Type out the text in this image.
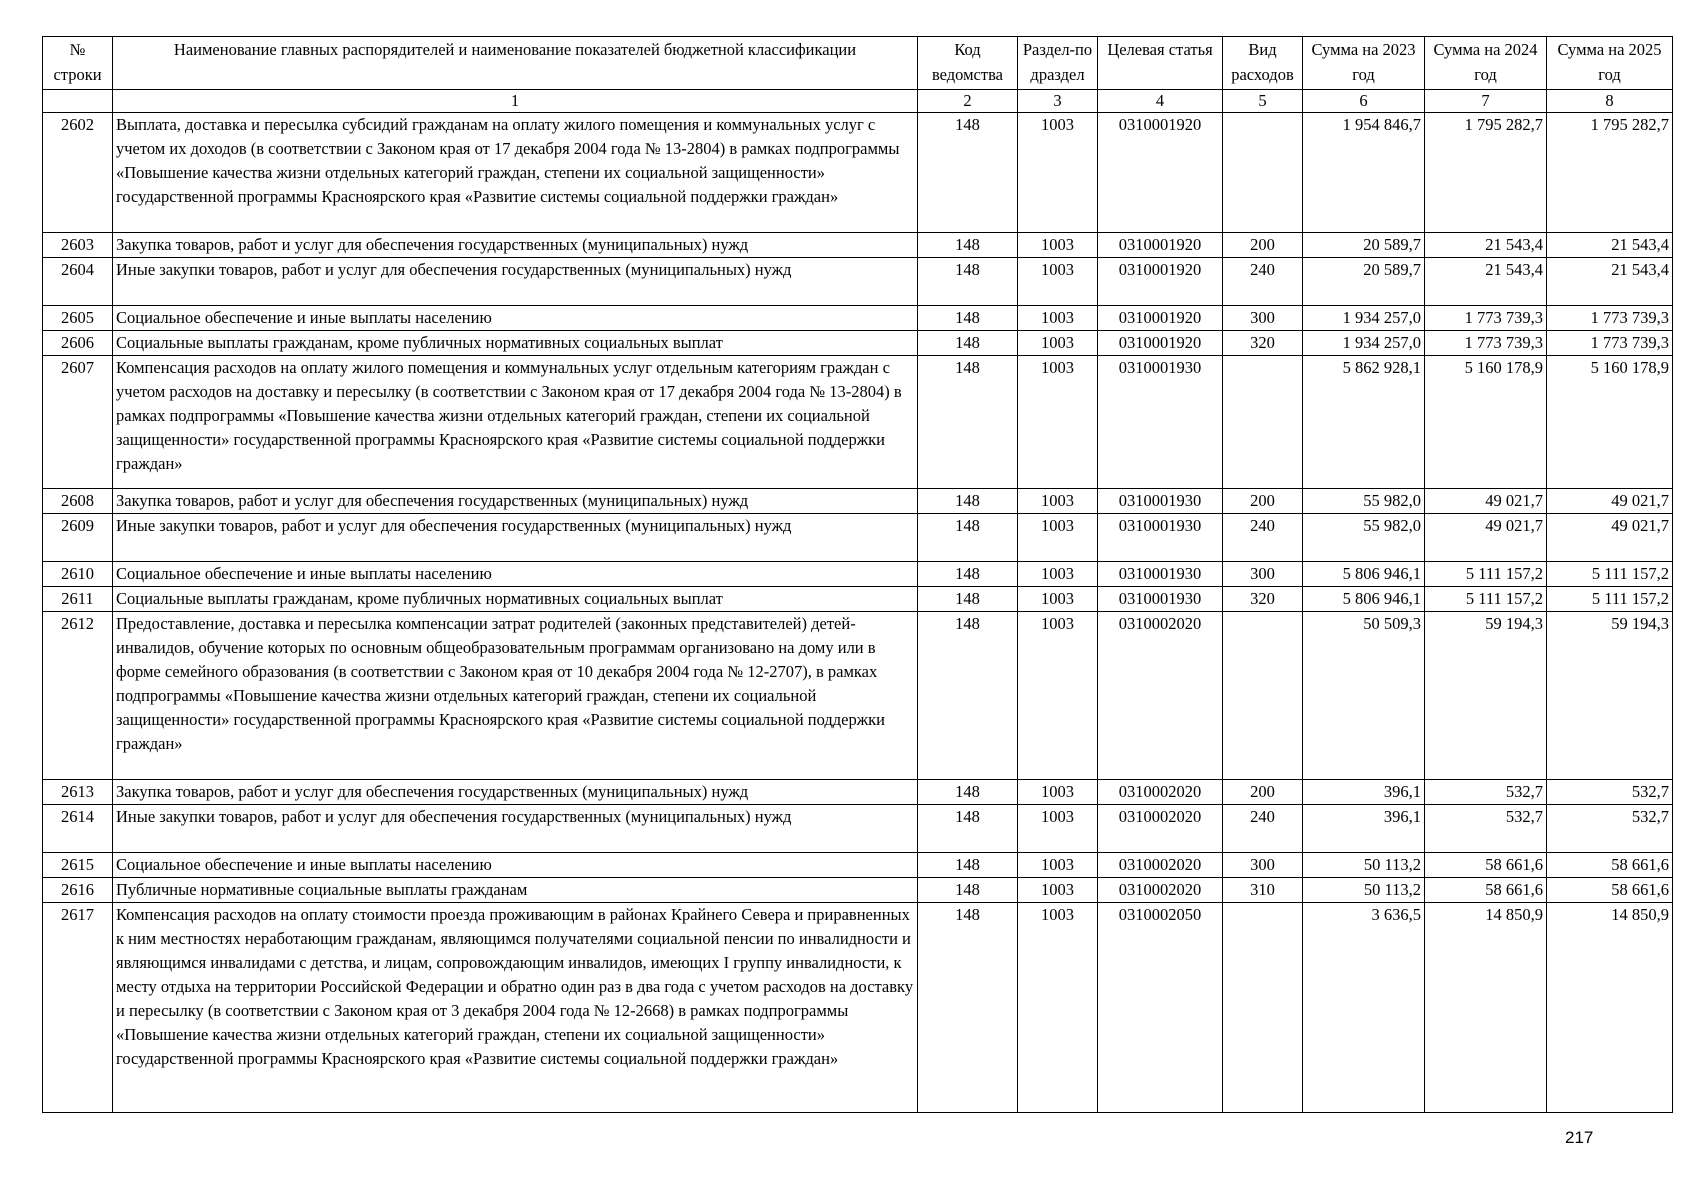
№ строки	Наименование главных распорядителей и наименование показателей бюджетной классификации	Код ведомства	Раздел-подраздел	Целевая статья	Вид расходов	Сумма на 2023 год	Сумма на 2024 год	Сумма на 2025 год
	1	2	3	4	5	6	7	8
2602	Выплата, доставка и пересылка субсидий гражданам на оплату жилого помещения и коммунальных услуг с учетом их доходов (в соответствии с Законом края от 17 декабря 2004 года № 13-2804) в рамках подпрограммы «Повышение качества жизни отдельных категорий граждан, степени их социальной защищенности» государственной программы Красноярского края «Развитие системы социальной поддержки граждан»	148	1003	0310001920		1 954 846,7	1 795 282,7	1 795 282,7
2603	Закупка товаров, работ и услуг для обеспечения государственных (муниципальных) нужд	148	1003	0310001920	200	20 589,7	21 543,4	21 543,4
2604	Иные закупки товаров, работ и услуг для обеспечения государственных (муниципальных) нужд	148	1003	0310001920	240	20 589,7	21 543,4	21 543,4
2605	Социальное обеспечение и иные выплаты населению	148	1003	0310001920	300	1 934 257,0	1 773 739,3	1 773 739,3
2606	Социальные выплаты гражданам, кроме публичных нормативных социальных выплат	148	1003	0310001920	320	1 934 257,0	1 773 739,3	1 773 739,3
2607	Компенсация расходов на оплату жилого помещения и коммунальных услуг отдельным категориям граждан с учетом расходов на доставку и пересылку (в соответствии с Законом края от 17 декабря 2004 года № 13-2804) в рамках подпрограммы «Повышение качества жизни отдельных категорий граждан, степени их социальной защищенности» государственной программы Красноярского края «Развитие системы социальной поддержки граждан»	148	1003	0310001930		5 862 928,1	5 160 178,9	5 160 178,9
2608	Закупка товаров, работ и услуг для обеспечения государственных (муниципальных) нужд	148	1003	0310001930	200	55 982,0	49 021,7	49 021,7
2609	Иные закупки товаров, работ и услуг для обеспечения государственных (муниципальных) нужд	148	1003	0310001930	240	55 982,0	49 021,7	49 021,7
2610	Социальное обеспечение и иные выплаты населению	148	1003	0310001930	300	5 806 946,1	5 111 157,2	5 111 157,2
2611	Социальные выплаты гражданам, кроме публичных нормативных социальных выплат	148	1003	0310001930	320	5 806 946,1	5 111 157,2	5 111 157,2
2612	Предоставление, доставка и пересылка компенсации затрат родителей (законных представителей) детей-инвалидов, обучение которых по основным общеобразовательным программам организовано на дому или в форме семейного образования (в соответствии с Законом края от 10 декабря 2004 года № 12-2707), в рамках подпрограммы «Повышение качества жизни отдельных категорий граждан, степени их социальной защищенности» государственной программы Красноярского края «Развитие системы социальной поддержки граждан»	148	1003	0310002020		50 509,3	59 194,3	59 194,3
2613	Закупка товаров, работ и услуг для обеспечения государственных (муниципальных) нужд	148	1003	0310002020	200	396,1	532,7	532,7
2614	Иные закупки товаров, работ и услуг для обеспечения государственных (муниципальных) нужд	148	1003	0310002020	240	396,1	532,7	532,7
2615	Социальное обеспечение и иные выплаты населению	148	1003	0310002020	300	50 113,2	58 661,6	58 661,6
2616	Публичные нормативные социальные выплаты гражданам	148	1003	0310002020	310	50 113,2	58 661,6	58 661,6
2617	Компенсация расходов на оплату стоимости проезда проживающим в районах Крайнего Севера и приравненных к ним местностях неработающим гражданам, являющимся получателями социальной пенсии по инвалидности и являющимся инвалидами с детства, и лицам, сопровождающим инвалидов, имеющих I группу инвалидности, к месту отдыха на территории Российской Федерации и обратно один раз в два года с учетом расходов на доставку и пересылку (в соответствии с Законом края от 3 декабря 2004 года № 12-2668) в рамках подпрограммы «Повышение качества жизни отдельных категорий граждан, степени их социальной защищенности» государственной программы Красноярского края «Развитие системы социальной поддержки граждан»	148	1003	0310002050		3 636,5	14 850,9	14 850,9
217
